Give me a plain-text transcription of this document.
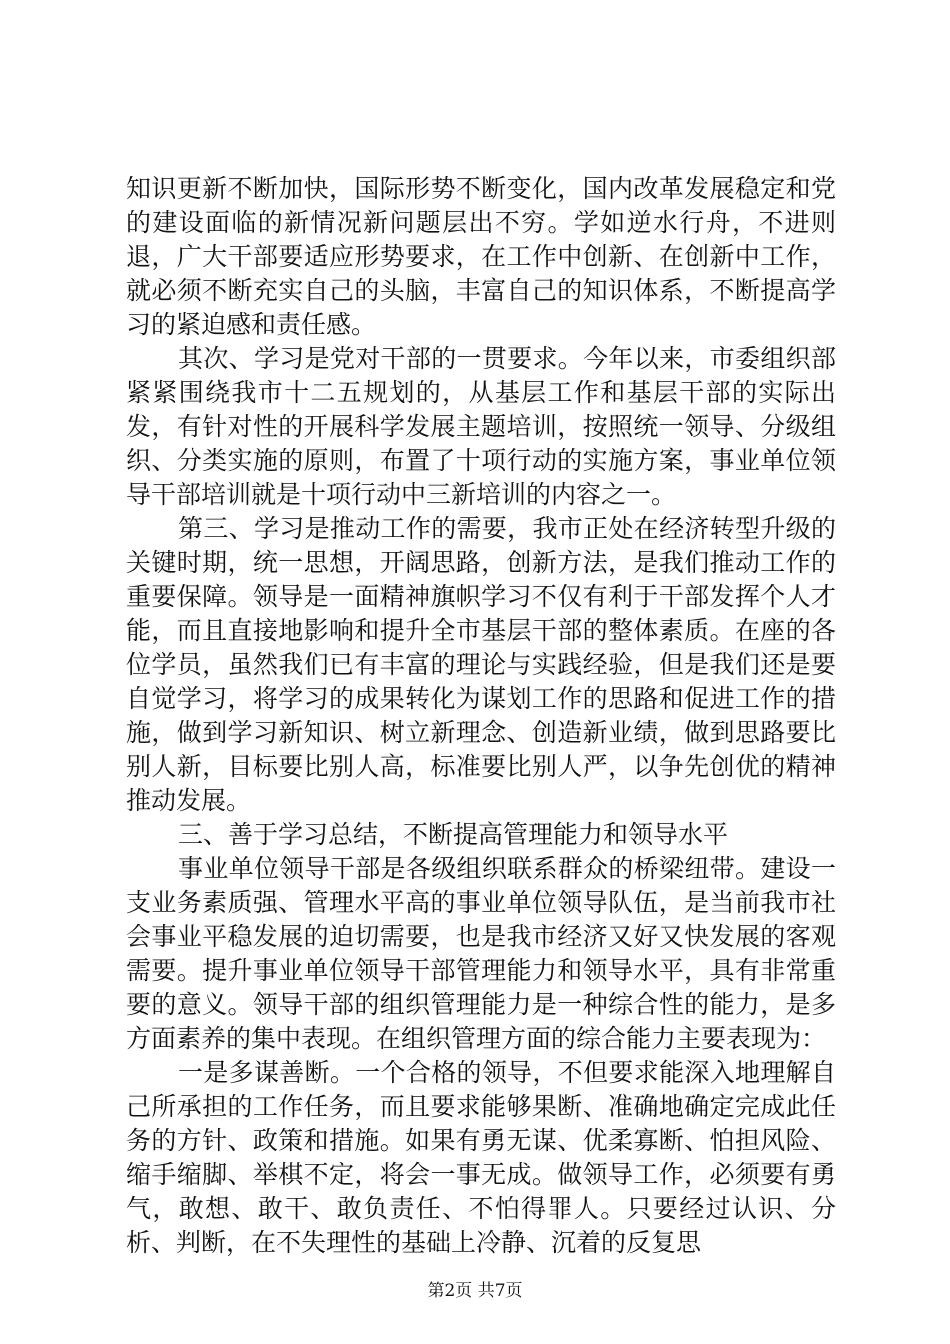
知识更新不断加快，国际形势不断变化，国内改革发展稳定和党的建设面临的新情况新问题层出不穷。学如逆水行舟，不进则退，广大干部要适应形势要求，在工作中创新、在创新中工作，就必须不断充实自己的头脑，丰富自己的知识体系，不断提高学习的紧迫感和责任感。

其次、学习是党对干部的一贯要求。今年以来，市委组织部紧紧围绕我市十二五规划的，从基层工作和基层干部的实际出发，有针对性的开展科学发展主题培训，按照统一领导、分级组织、分类实施的原则，布置了十项行动的实施方案，事业单位领导干部培训就是十项行动中三新培训的内容之一。

第三、学习是推动工作的需要，我市正处在经济转型升级的关键时期，统一思想，开阔思路，创新方法，是我们推动工作的重要保障。领导是一面精神旗帜学习不仅有利于干部发挥个人才能，而且直接地影响和提升全市基层干部的整体素质。在座的各位学员，虽然我们已有丰富的理论与实践经验，但是我们还是要自觉学习，将学习的成果转化为谋划工作的思路和促进工作的措施，做到学习新知识、树立新理念、创造新业绩，做到思路要比别人新，目标要比别人高，标准要比别人严，以争先创优的精神推动发展。

三、善于学习总结，不断提高管理能力和领导水平

事业单位领导干部是各级组织联系群众的桥梁纽带。建设一支业务素质强、管理水平高的事业单位领导队伍，是当前我市社会事业平稳发展的迫切需要，也是我市经济又好又快发展的客观需要。提升事业单位领导干部管理能力和领导水平，具有非常重要的意义。领导干部的组织管理能力是一种综合性的能力，是多方面素养的集中表现。在组织管理方面的综合能力主要表现为：

一是多谋善断。一个合格的领导，不但要求能深入地理解自己所承担的工作任务，而且要求能够果断、准确地确定完成此任务的方针、政策和措施。如果有勇无谋、优柔寡断、怕担风险、缩手缩脚、举棋不定，将会一事无成。做领导工作，必须要有勇气，敢想、敢干、敢负责任、不怕得罪人。只要经过认识、分析、判断，在不失理性的基础上冷静、沉着的反复思

第2页 共7页
